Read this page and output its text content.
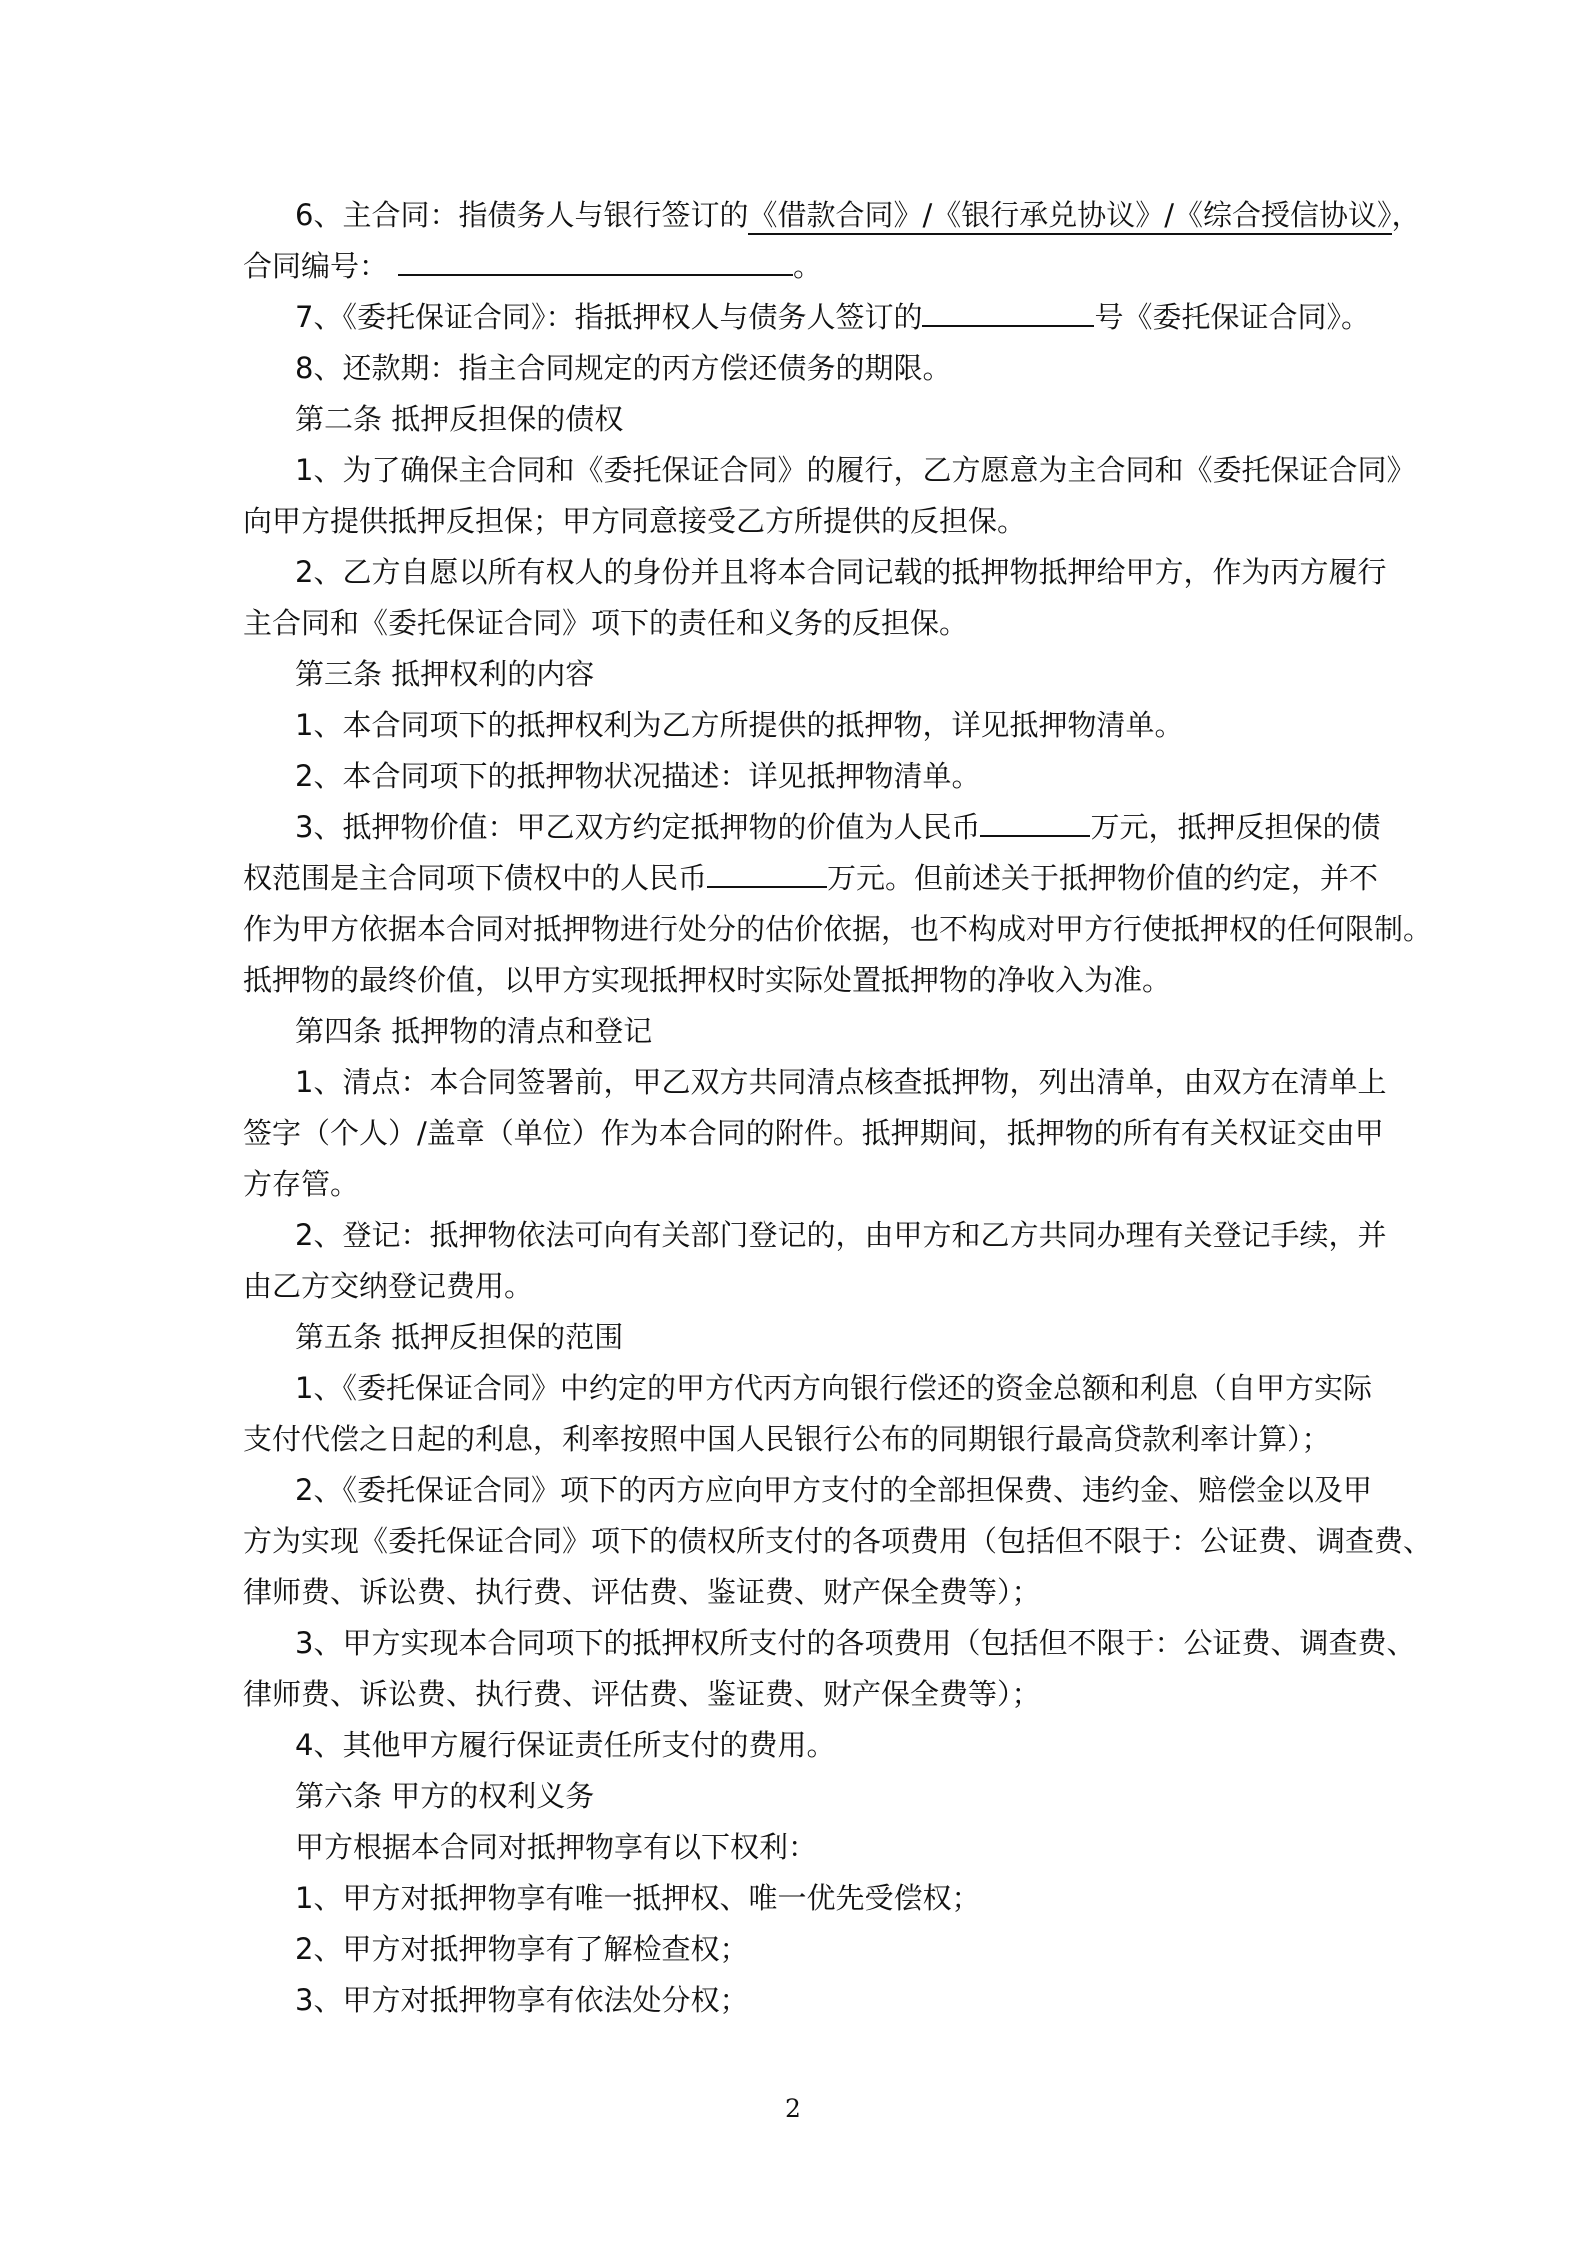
6、主合同：指债务人与银行签订的《借款合同》/《银行承兑协议》/《综合授信协议》，
合同编号：	。
7、《委托保证合同》：指抵押权人与债务人签订的	号《委托保证合同》。
8、还款期：指主合同规定的丙方偿还债务的期限。
第二条 抵押反担保的债权
1、为了确保主合同和《委托保证合同》的履行，乙方愿意为主合同和《委托保证合同》
向甲方提供抵押反担保；甲方同意接受乙方所提供的反担保。
2、乙方自愿以所有权人的身份并且将本合同记载的抵押物抵押给甲方，作为丙方履行
主合同和《委托保证合同》项下的责任和义务的反担保。
第三条 抵押权利的内容
1、本合同项下的抵押权利为乙方所提供的抵押物，详见抵押物清单。
2、本合同项下的抵押物状况描述：详见抵押物清单。
3、抵押物价值：甲乙双方约定抵押物的价值为人民币	万元，抵押反担保的债
权范围是主合同项下债权中的人民币	万元。但前述关于抵押物价值的约定，并不
作为甲方依据本合同对抵押物进行处分的估价依据，也不构成对甲方行使抵押权的任何限制。
抵押物的最终价值，以甲方实现抵押权时实际处置抵押物的净收入为准。
第四条 抵押物的清点和登记
1、清点：本合同签署前，甲乙双方共同清点核查抵押物，列出清单，由双方在清单上
签字（个人）/盖章（单位）作为本合同的附件。抵押期间，抵押物的所有有关权证交由甲
方存管。
2、登记：抵押物依法可向有关部门登记的，由甲方和乙方共同办理有关登记手续，并
由乙方交纳登记费用。
第五条 抵押反担保的范围
1、《委托保证合同》中约定的甲方代丙方向银行偿还的资金总额和利息（自甲方实际
支付代偿之日起的利息，利率按照中国人民银行公布的同期银行最高贷款利率计算）；
2、《委托保证合同》项下的丙方应向甲方支付的全部担保费、违约金、赔偿金以及甲
方为实现《委托保证合同》项下的债权所支付的各项费用（包括但不限于：公证费、调查费、
律师费、诉讼费、执行费、评估费、鉴证费、财产保全费等）；
3、甲方实现本合同项下的抵押权所支付的各项费用（包括但不限于：公证费、调查费、
律师费、诉讼费、执行费、评估费、鉴证费、财产保全费等）；
4、其他甲方履行保证责任所支付的费用。
第六条 甲方的权利义务
甲方根据本合同对抵押物享有以下权利：
1、甲方对抵押物享有唯一抵押权、唯一优先受偿权；
2、甲方对抵押物享有了解检查权；
3、甲方对抵押物享有依法处分权；
2
